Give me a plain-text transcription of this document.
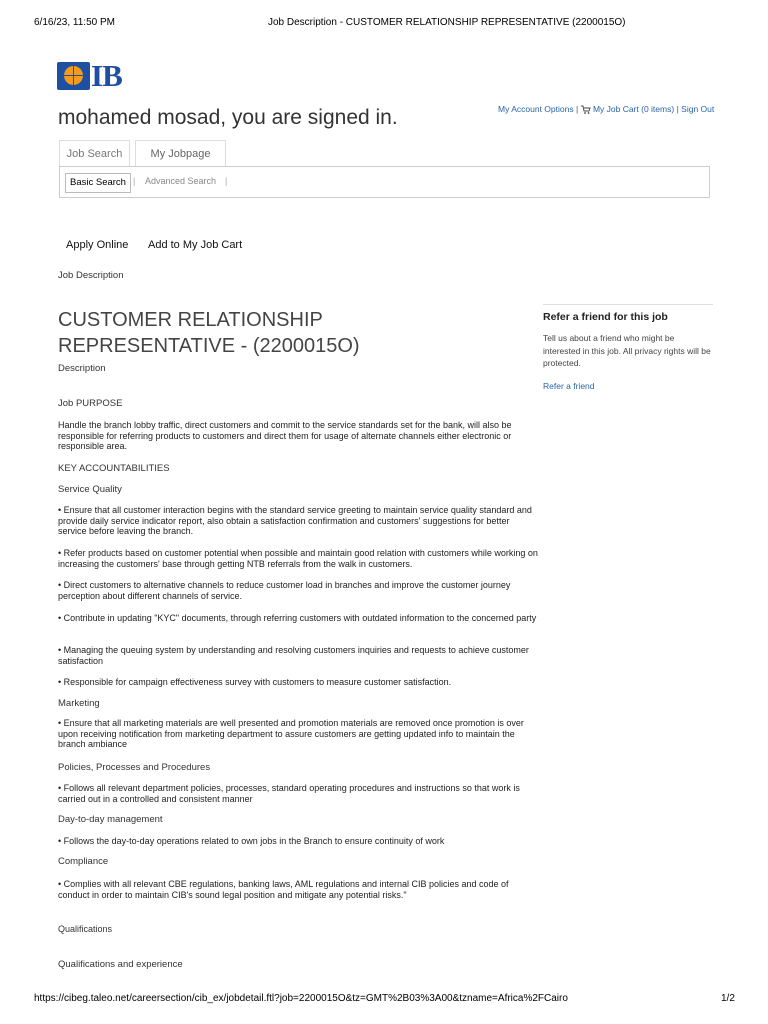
6/16/23, 11:50 PM	Job Description - CUSTOMER RELATIONSHIP REPRESENTATIVE (2200015O)
IB
mohamed mosad, you are signed in.	My Account Options | My Job Cart (0 items) | Sign Out
Job Search	My Jobpage
Basic Search | Advanced Search |
Apply Online Add to My Job Cart
Job Description
CUSTOMER RELATIONSHIP
REPRESENTATIVE - (2200015O)
Description
Job PURPOSE
Handle the branch lobby traffic, direct customers and commit to the service standards set for the bank, will also be responsible for referring products to customers and direct them for usage of alternate channels either electronic or responsible area.
KEY ACCOUNTABILITIES
Service Quality
• Ensure that all customer interaction begins with the standard service greeting to maintain service quality standard and provide daily service indicator report, also obtain a satisfaction confirmation and customers' suggestions for better service before leaving the branch.
• Refer products based on customer potential when possible and maintain good relation with customers while working on increasing the customers' base through getting NTB referrals from the walk in customers.
• Direct customers to alternative channels to reduce customer load in branches and improve the customer journey perception about different channels of service.
• Contribute in updating "KYC" documents, through referring customers with outdated information to the concerned party
• Managing the queuing system by understanding and resolving customers inquiries and requests to achieve customer satisfaction
• Responsible for campaign effectiveness survey with customers to measure customer satisfaction.
Marketing
• Ensure that all marketing materials are well presented and promotion materials are removed once promotion is over upon receiving notification from marketing department to assure customers are getting updated info to maintain the branch ambiance
Policies, Processes and Procedures
• Follows all relevant department policies, processes, standard operating procedures and instructions so that work is carried out in a controlled and consistent manner
Day-to-day management
• Follows the day-to-day operations related to own jobs in the Branch to ensure continuity of work
Compliance
• Complies with all relevant CBE regulations, banking laws, AML regulations and internal CIB policies and code of conduct in order to maintain CIB's sound legal position and mitigate any potential risks."
Qualifications
Qualifications and experience
Refer a friend for this job
Tell us about a friend who might be interested in this job. All privacy rights will be protected.
Refer a friend
https://cibeg.taleo.net/careersection/cib_ex/jobdetail.ftl?job=2200015O&tz=GMT%2B03%3A00&tzname=Africa%2FCairo	1/2
